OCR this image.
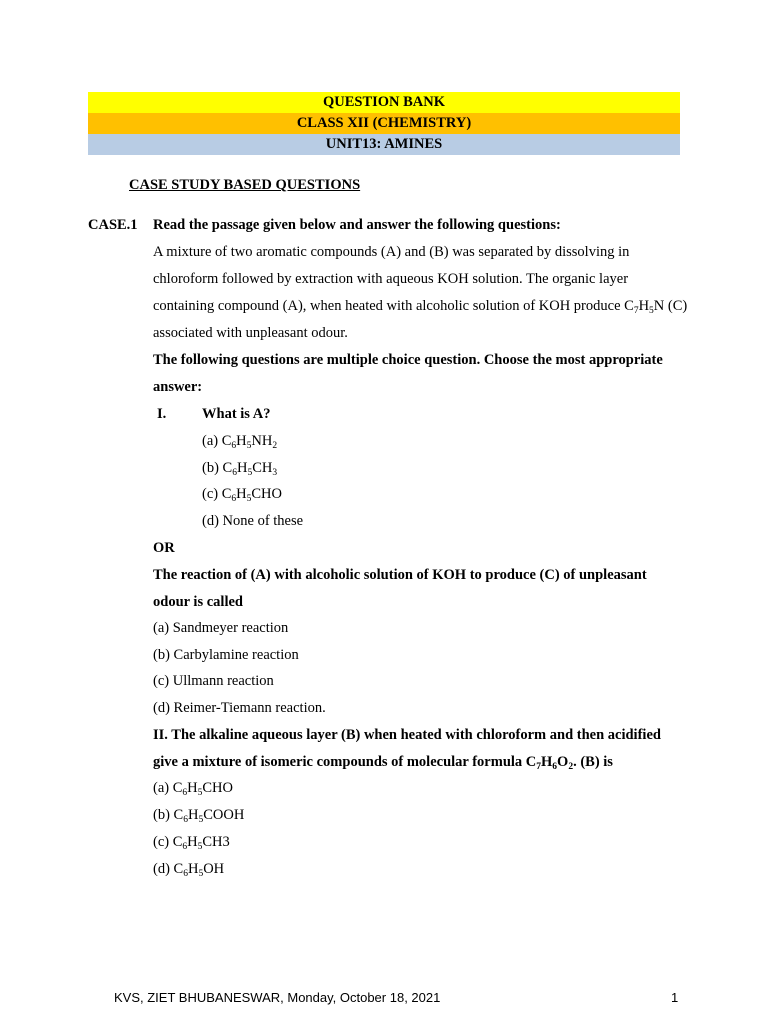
QUESTION BANK
CLASS XII (CHEMISTRY)
UNIT13: AMINES
CASE STUDY BASED QUESTIONS
CASE.1 Read the passage given below and answer the following questions:
A mixture of two aromatic compounds (A) and (B) was separated by dissolving in
chloroform followed by extraction with aqueous KOH solution. The organic layer
containing compound (A), when heated with alcoholic solution of KOH produce $C_7H_5N$ (C)
associated with unpleasant odour.
The following questions are multiple choice question. Choose the most appropriate
answer:
I. What is A?
(a) $C_6H_5NH_2$
(b) $C_6H_5CH_3$
(c) $C_6H_5CHO$
(d) None of these
OR
The reaction of (A) with alcoholic solution of KOH to produce (C) of unpleasant
odour is called
(a) Sandmeyer reaction
(b) Carbylamine reaction
(c) Ullmann reaction
(d) Reimer-Tiemann reaction.
II. The alkaline aqueous layer (B) when heated with chloroform and then acidified
give a mixture of isomeric compounds of molecular formula $C_7H_6O_2$. (B) is
(a) $C_6H_5CHO$
(b) $C_6H_5COOH$
(c) $C_6H_5CH3$
(d) $C_6H_5OH$
KVS, ZIET BHUBANESWAR, Monday, October 18, 2021	1
